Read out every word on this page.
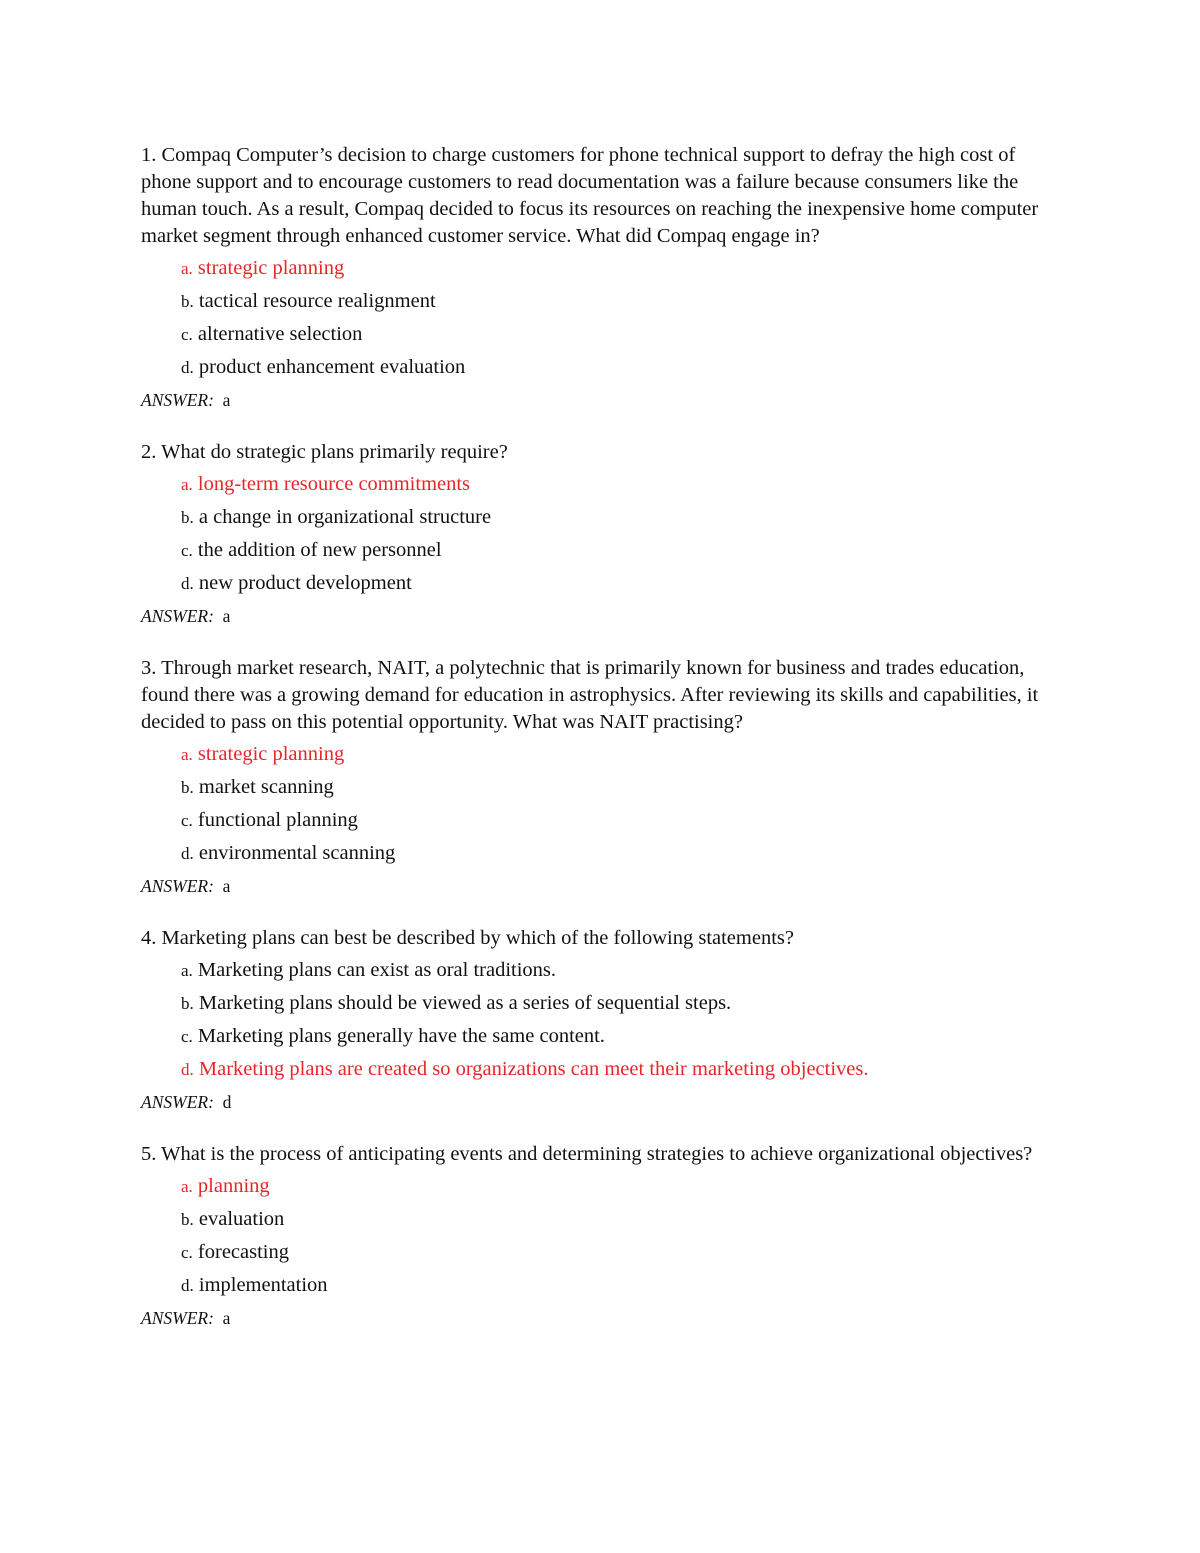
1. Compaq Computer’s decision to charge customers for phone technical support to defray the high cost of phone support and to encourage customers to read documentation was a failure because consumers like the human touch. As a result, Compaq decided to focus its resources on reaching the inexpensive home computer market segment through enhanced customer service. What did Compaq engage in?

a. strategic planning
b. tactical resource realignment
c. alternative selection
d. product enhancement evaluation

ANSWER: a

2. What do strategic plans primarily require?

a. long-term resource commitments
b. a change in organizational structure
c. the addition of new personnel
d. new product development

ANSWER: a

3. Through market research, NAIT, a polytechnic that is primarily known for business and trades education, found there was a growing demand for education in astrophysics. After reviewing its skills and capabilities, it decided to pass on this potential opportunity. What was NAIT practising?

a. strategic planning
b. market scanning
c. functional planning
d. environmental scanning

ANSWER: a

4. Marketing plans can best be described by which of the following statements?

a. Marketing plans can exist as oral traditions.
b. Marketing plans should be viewed as a series of sequential steps.
c. Marketing plans generally have the same content.
d. Marketing plans are created so organizations can meet their marketing objectives.

ANSWER: d

5. What is the process of anticipating events and determining strategies to achieve organizational objectives?

a. planning
b. evaluation
c. forecasting
d. implementation

ANSWER: a
